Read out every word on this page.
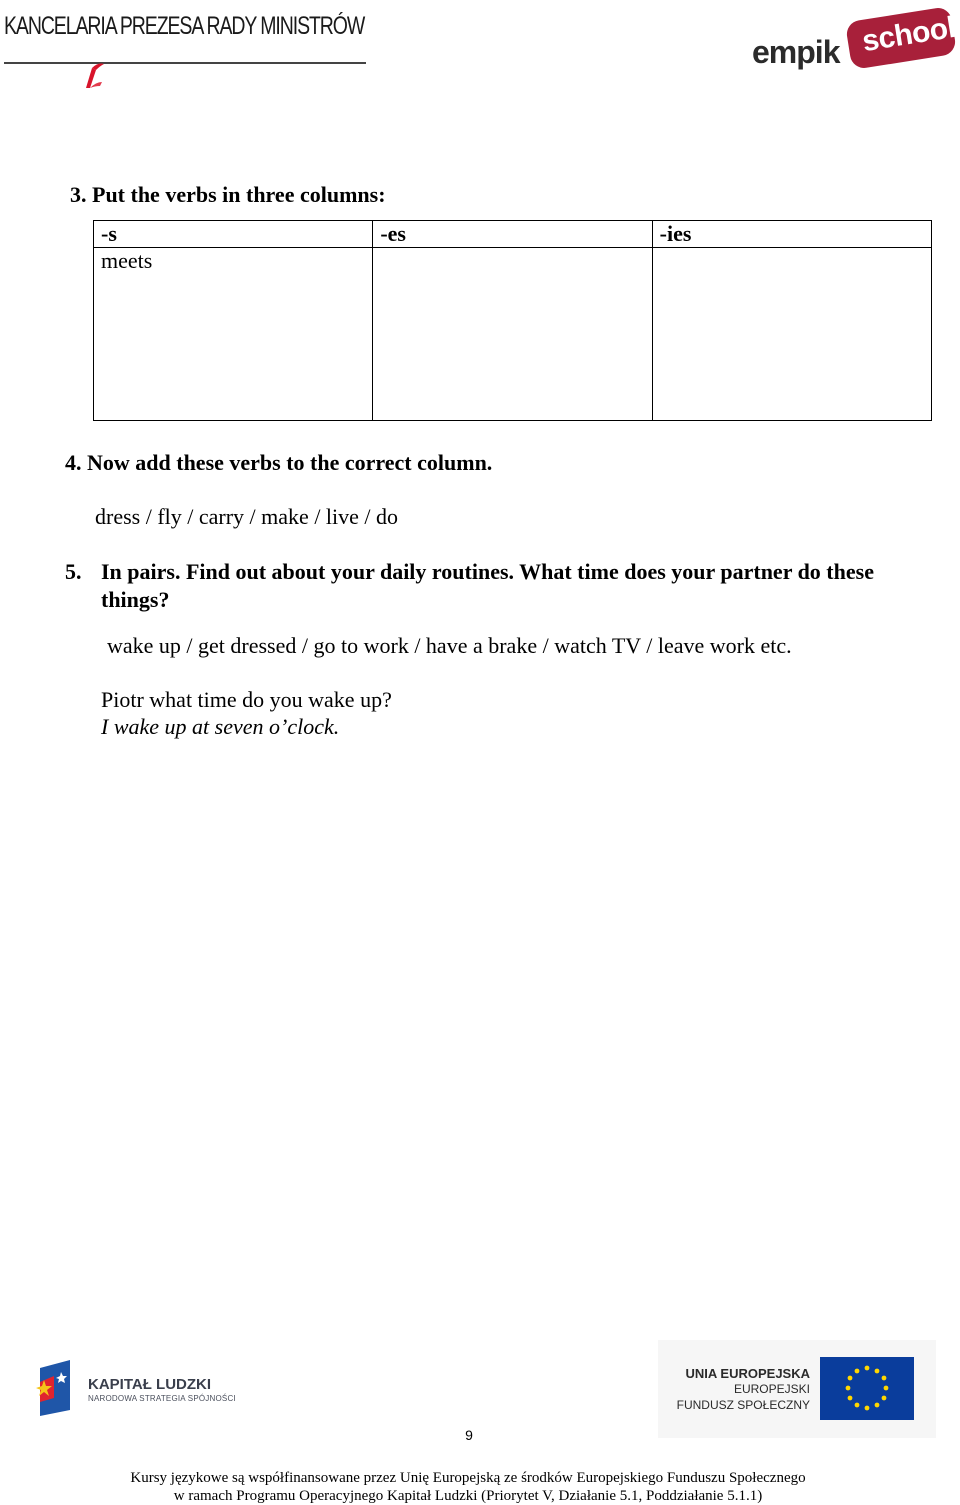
KANCELARIA PREZESA RADY MINISTRÓW
empik school
3. Put the verbs in three columns:
-s	-es	-ies
meets		
4. Now add these verbs to the correct column.
dress / fly / carry / make / live / do
5. In pairs. Find out about your daily routines. What time does your partner do these
things?
wake up / get dressed / go to work / have a brake / watch TV / leave work etc.
Piotr what time do you wake up?
I wake up at seven o’clock.
KAPITAŁ LUDZKI
NARODOWA STRATEGIA SPÓJNOŚCI
UNIA EUROPEJSKA
EUROPEJSKI
FUNDUSZ SPOŁECZNY
9
Kursy językowe są współfinansowane przez Unię Europejską ze środków Europejskiego Funduszu Społecznego
w ramach Programu Operacyjnego Kapitał Ludzki (Priorytet V, Działanie 5.1, Poddziałanie 5.1.1)
